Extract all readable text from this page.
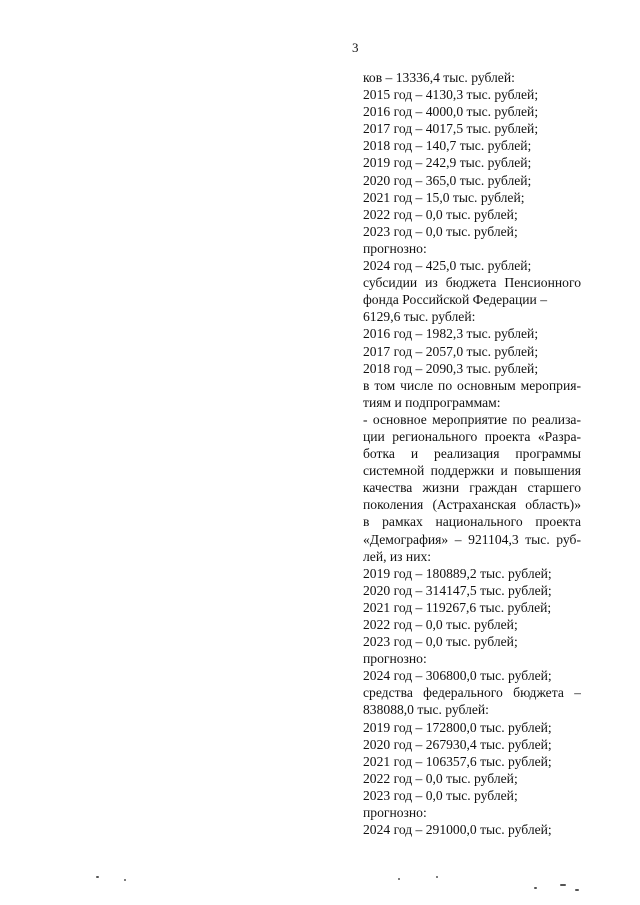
3
ков – 13336,4 тыс. рублей:
2015 год – 4130,3 тыс. рублей;
2016 год – 4000,0 тыс. рублей;
2017 год – 4017,5 тыс. рублей;
2018 год – 140,7 тыс. рублей;
2019 год – 242,9 тыс. рублей;
2020 год – 365,0 тыс. рублей;
2021 год – 15,0 тыс. рублей;
2022 год – 0,0 тыс. рублей;
2023 год – 0,0 тыс. рублей;
прогнозно:
2024 год – 425,0 тыс. рублей;
субсидии из бюджета Пенсионного
фонда Российской Федерации –
6129,6 тыс. рублей:
2016 год – 1982,3 тыс. рублей;
2017 год – 2057,0 тыс. рублей;
2018 год – 2090,3 тыс. рублей;
в том числе по основным мероприя-
тиям и подпрограммам:
- основное мероприятие по реализа-
ции регионального проекта «Разра-
ботка и реализация программы
системной поддержки и повышения
качества жизни граждан старшего
поколения (Астраханская область)»
в рамках национального проекта
«Демография» – 921104,3 тыс. руб-
лей, из них:
2019 год – 180889,2 тыс. рублей;
2020 год – 314147,5 тыс. рублей;
2021 год – 119267,6 тыс. рублей;
2022 год – 0,0 тыс. рублей;
2023 год – 0,0 тыс. рублей;
прогнозно:
2024 год – 306800,0 тыс. рублей;
средства федерального бюджета –
838088,0 тыс. рублей:
2019 год – 172800,0 тыс. рублей;
2020 год – 267930,4 тыс. рублей;
2021 год – 106357,6 тыс. рублей;
2022 год – 0,0 тыс. рублей;
2023 год – 0,0 тыс. рублей;
прогнозно:
2024 год – 291000,0 тыс. рублей;
